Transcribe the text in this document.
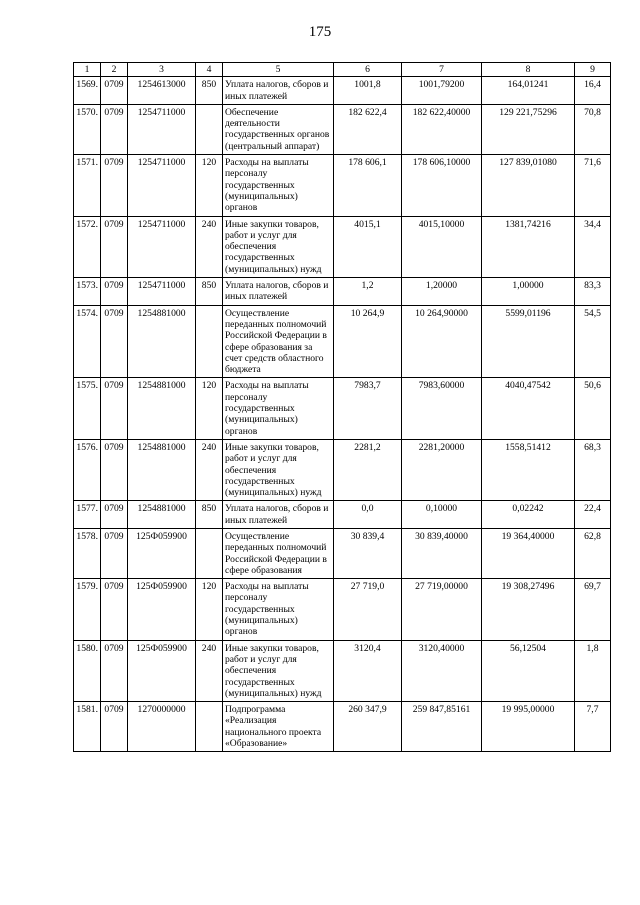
175
1	2	3	4	5	6	7	8	9
1569.	0709	1254613000	850	Уплата налогов, сборов и иных платежей	1001,8	1001,79200	164,01241	16,4
1570.	0709	1254711000		Обеспечение деятельности государственных органов (центральный аппарат)	182 622,4	182 622,40000	129 221,75296	70,8
1571.	0709	1254711000	120	Расходы на выплаты персоналу государственных (муниципальных) органов	178 606,1	178 606,10000	127 839,01080	71,6
1572.	0709	1254711000	240	Иные закупки товаров, работ и услуг для обеспечения государственных (муниципальных) нужд	4015,1	4015,10000	1381,74216	34,4
1573.	0709	1254711000	850	Уплата налогов, сборов и иных платежей	1,2	1,20000	1,00000	83,3
1574.	0709	1254881000		Осуществление переданных полномочий Российской Федерации в сфере образования за счет средств областного бюджета	10 264,9	10 264,90000	5599,01196	54,5
1575.	0709	1254881000	120	Расходы на выплаты персоналу государственных (муниципальных) органов	7983,7	7983,60000	4040,47542	50,6
1576.	0709	1254881000	240	Иные закупки товаров, работ и услуг для обеспечения государственных (муниципальных) нужд	2281,2	2281,20000	1558,51412	68,3
1577.	0709	1254881000	850	Уплата налогов, сборов и иных платежей	0,0	0,10000	0,02242	22,4
1578.	0709	125Ф059900		Осуществление переданных полномочий Российской Федерации в сфере образования	30 839,4	30 839,40000	19 364,40000	62,8
1579.	0709	125Ф059900	120	Расходы на выплаты персоналу государственных (муниципальных) органов	27 719,0	27 719,00000	19 308,27496	69,7
1580.	0709	125Ф059900	240	Иные закупки товаров, работ и услуг для обеспечения государственных (муниципальных) нужд	3120,4	3120,40000	56,12504	1,8
1581.	0709	1270000000		Подпрограмма «Реализация национального проекта «Образование»	260 347,9	259 847,85161	19 995,00000	7,7
